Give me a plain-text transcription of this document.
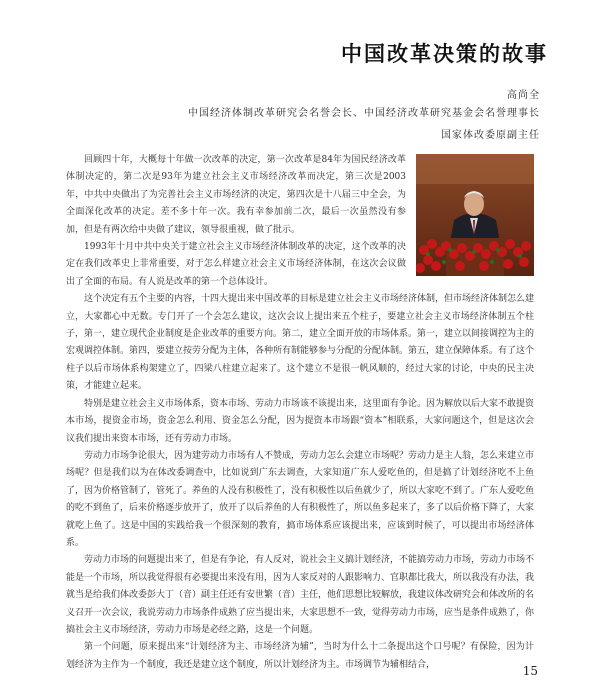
中国改革决策的故事
高尚全
中国经济体制改革研究会名誉会长、中国经济改革研究基金会名誉理事长
国家体改委原副主任

回顾四十年，大概每十年做一次改革的决定，第一次改革是84年为国民经济改革体制决定的，第二次是93年为建立社会主义市场经济改革而决定，第三次是2003年，中共中央做出了为完善社会主义市场经济的决定，第四次是十八届三中全会，为全面深化改革的决定。差不多十年一次。我有幸参加前二次，最后一次虽然没有参加，但是有两次给中央做了建议，领导很重视，做了批示。

1993年十月中共中央关于建立社会主义市场经济体制改革的决定，这个改革的决定在我们改革史上非常重要，对于怎么样建立社会主义市场经济体制，在这次会议做出了全面的布局。有人说是改革的第一个总体设计。

这个决定有五个主要的内容，十四大提出来中国改革的目标是建立社会主义市场经济体制，但市场经济体制怎么建立，大家都心中无数。专门开了一个会怎么建议，这次会议上提出来五个柱子，要建立社会主义市场经济体制五个柱子，第一，建立现代企业制度是企业改革的重要方向。第二，建立全面开放的市场体系。第一，建立以间接调控为主的宏观调控体制。第四，要建立按劳分配为主体，各种所有制能够参与分配的分配体制。第五，建立保障体系。有了这个柱子以后市场体系构架建立了，四梁八柱建立起来了。这个建立不是很一帆风顺的，经过大家的讨论，中央的民主决策，才能建立起来。

特别是建立社会主义市场体系，资本市场、劳动力市场该不该提出来，这里面有争论。因为解放以后大家不敢提资本市场，提资金市场，资金怎么利用、资金怎么分配，因为提资本市场跟“资本”相联系，大家问题这个，但是这次会议我们提出来资本市场，还有劳动力市场。

劳动力市场争论很大，因为建劳动力市场有人不赞成，劳动力怎么会建立市场呢？劳动力是主人翁，怎么来建立市场呢？但是我们以为在体改委调查中，比如说到广东去调查，大家知道广东人爱吃鱼的，但是搞了计划经济吃不上鱼了，因为价格管制了，管死了。养鱼的人没有积极性了，没有积极性以后鱼就少了，所以大家吃不到了。广东人爱吃鱼的吃不到鱼了，后来价格逐步放开了，放开了以后养鱼的人有积极性了，所以鱼多起来了，多了以后价格下降了，大家就吃上鱼了。这是中国的实践给我一个很深刻的教育，搞市场体系应该提出来，应该到时候了，可以提出市场经济体系。

劳动力市场的问题提出来了，但是有争论，有人反对，说社会主义搞计划经济，不能搞劳动力市场，劳动力市场不能是一个市场，所以我觉得很有必要提出来没有用，因为人家反对的人跟影响力、官职都比我大，所以我没有办法，我就当是给我们体改委彭大丁（音）副主任还有安世繁（音）主任，他们思想比较解放，我建议体改研究会和体改所的名义召开一次会议，我说劳动力市场条件成熟了应当提出来，大家思想不一致，觉得劳动力市场，应当是条件成熟了，你搞社会主义市场经济，劳动力市场是必经之路，这是一个问题。

第一个问题，原来提出来“计划经济为主、市场经济为辅”，当时为什么十二条提出这个口号呢？有保险，因为计划经济为主作为一个制度，我还是建立这个制度，所以计划经济为主。市场调节为辅相结合，	15
